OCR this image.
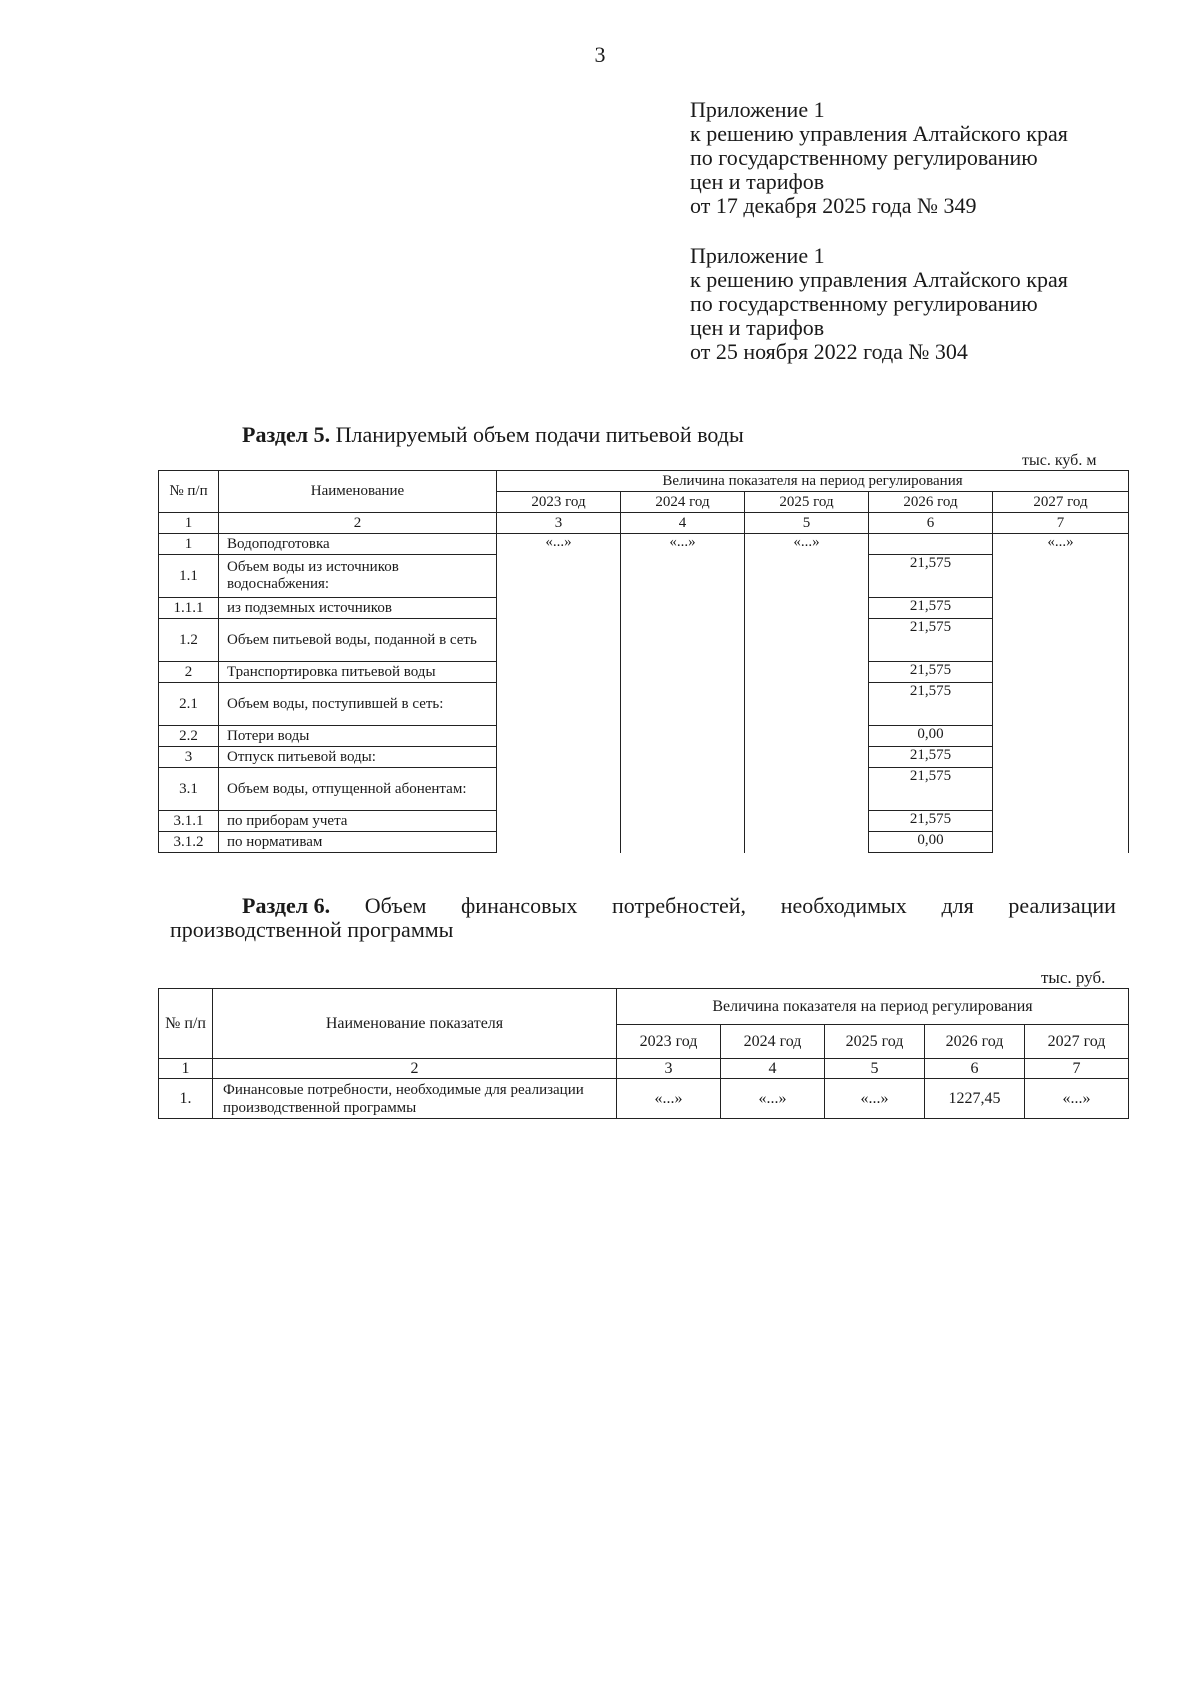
3
Приложение 1
к решению управления Алтайского края
по государственному регулированию
цен и тарифов
от 17 декабря 2025 года № 349
Приложение 1
к решению управления Алтайского края
по государственному регулированию
цен и тарифов
от 25 ноября 2022 года № 304
Раздел 5. Планируемый объем подачи питьевой воды
тыс. куб. м
№ п/п	Наименование	Величина показателя на период регулирования				
		2023 год	2024 год	2025 год	2026 год	2027 год
1	2	3	4	5	6	7
1	Водоподготовка	«...»	«...»	«...»		«...»
1.1	Объем воды из источников водоснабжения:				21,575	
1.1.1	из подземных источников				21,575	
1.2	Объем питьевой воды, поданной в сеть				21,575	
2	Транспортировка питьевой воды				21,575	
2.1	Объем воды, поступившей в сеть:				21,575	
2.2	Потери воды				0,00	
3	Отпуск питьевой воды:				21,575	
3.1	Объем воды, отпущенной абонентам:				21,575	
3.1.1	по приборам учета				21,575	
3.1.2	по нормативам				0,00	
Раздел 6. Объем финансовых потребностей, необходимых для реализации
производственной программы
тыс. руб.
№ п/п	Наименование показателя	Величина показателя на период регулирования				
		2023 год	2024 год	2025 год	2026 год	2027 год
1	2	3	4	5	6	7
1.	Финансовые потребности, необходимые для реализации производственной программы	«...»	«...»	«...»	1227,45	«...»
